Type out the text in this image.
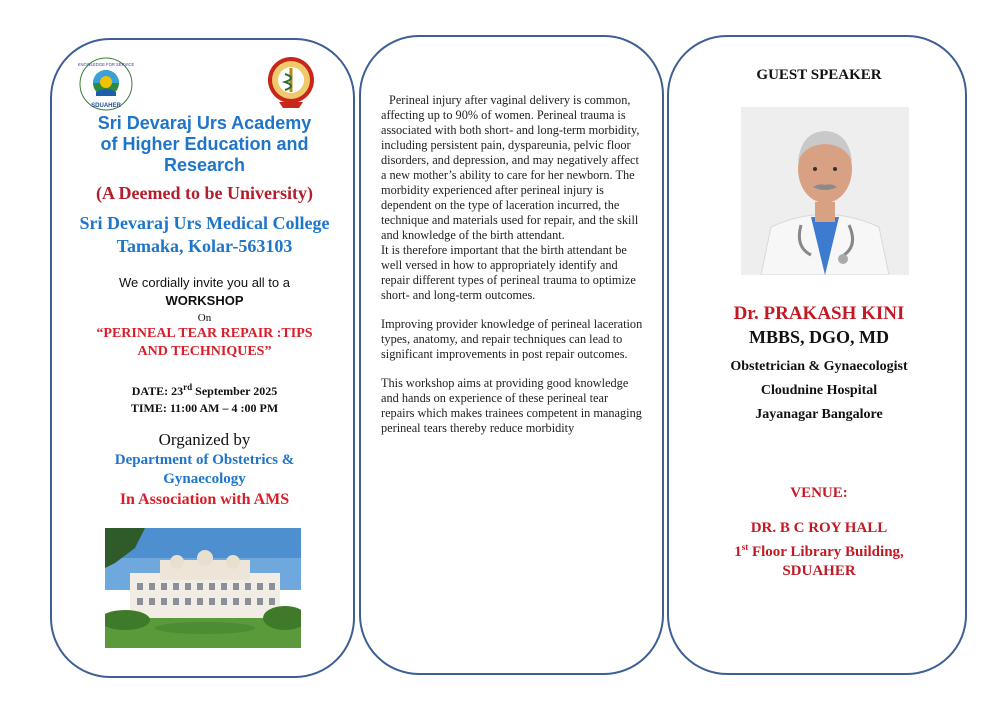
KNOWLEDGE FOR SERVICE
SDUAHER
Sri Devaraj Urs Academy
of Higher Education and
Research
(A Deemed to be University)
Sri Devaraj Urs Medical College
Tamaka, Kolar-563103
We cordially invite you all to a
WORKSHOP
On
“PERINEAL TEAR REPAIR :TIPS
AND TECHNIQUES”
DATE: 23rd September 2025
TIME: 11:00 AM – 4 :00 PM
Organized by
Department of Obstetrics &
Gynaecology
In Association with AMS

Perineal injury after vaginal delivery is common, affecting up to 90% of women. Perineal trauma is associated with both short- and long-term morbidity, including persistent pain, dyspareunia, pelvic floor disorders, and depression, and may negatively affect a new mother’s ability to care for her newborn. The morbidity experienced after perineal injury is dependent on the type of laceration incurred, the technique and materials used for repair, and the skill and knowledge of the birth attendant.

It is therefore important that the birth attendant be well versed in how to appropriately identify and repair different types of perineal trauma to optimize short- and long-term outcomes.

Improving provider knowledge of perineal laceration types, anatomy, and repair techniques can lead to significant improvements in post repair outcomes.

This workshop aims at providing good knowledge and hands on experience of these perineal tear repairs which makes trainees competent in managing perineal tears thereby reduce morbidity

GUEST SPEAKER
Dr. PRAKASH KINI
MBBS, DGO, MD
Obstetrician & Gynaecologist
Cloudnine Hospital
Jayanagar Bangalore
VENUE:
DR. B C ROY HALL
1st Floor Library Building,
SDUAHER
